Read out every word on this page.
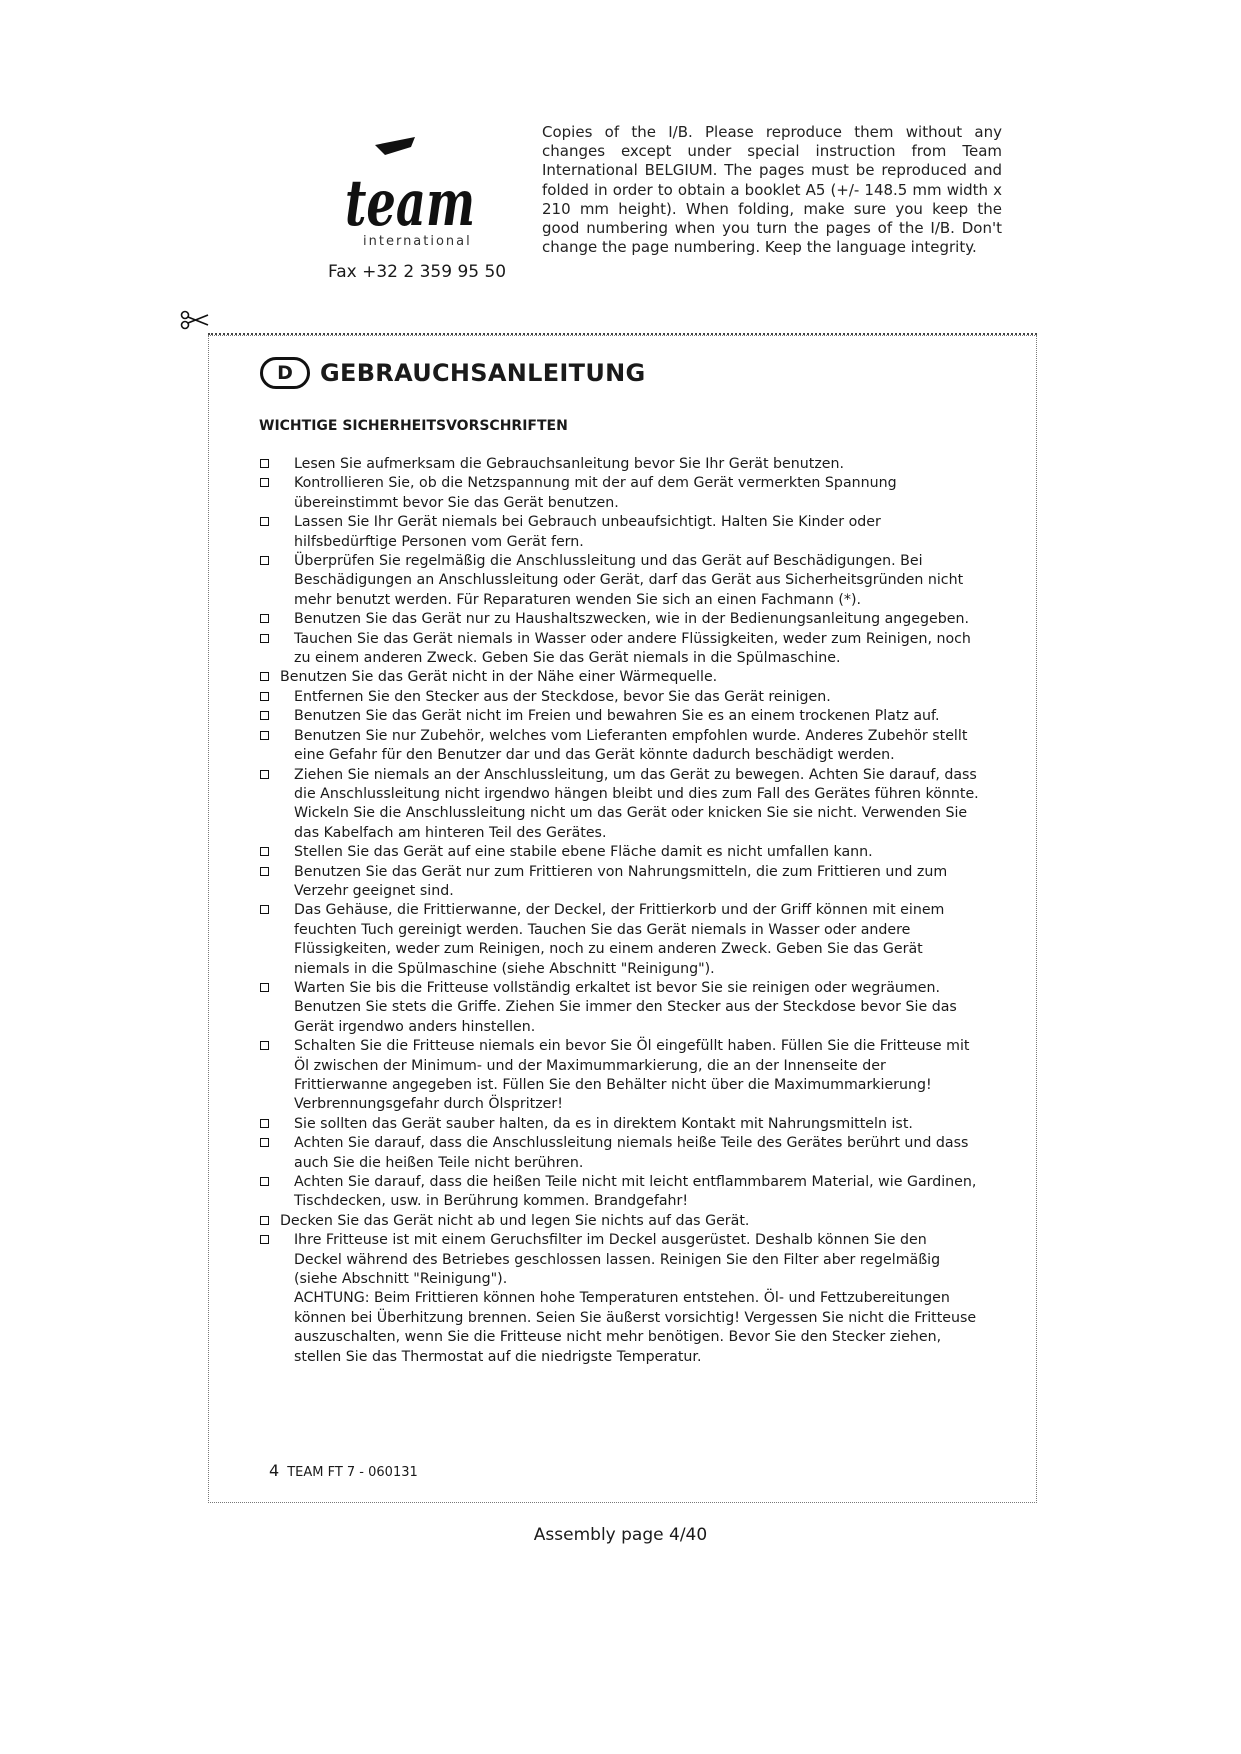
team
international
Fax +32 2 359 95 50
Copies of the I/B. Please reproduce them without any changes except under special instruction from Team International BELGIUM. The pages must be reproduced and folded in order to obtain a booklet A5 (+/- 148.5 mm width x 210 mm height). When folding, make sure you keep the good numbering when you turn the pages of the I/B. Don't change the page numbering. Keep the language integrity.
D	GEBRAUCHSANLEITUNG
WICHTIGE SICHERHEITSVORSCHRIFTEN
Lesen Sie aufmerksam die Gebrauchsanleitung bevor Sie Ihr Gerät benutzen.
Kontrollieren Sie, ob die Netzspannung mit der auf dem Gerät vermerkten Spannung übereinstimmt bevor Sie das Gerät benutzen.
Lassen Sie Ihr Gerät niemals bei Gebrauch unbeaufsichtigt. Halten Sie Kinder oder hilfsbedürftige Personen vom Gerät fern.
Überprüfen Sie regelmäßig die Anschlussleitung und das Gerät auf Beschädigungen. Bei Beschädigungen an Anschlussleitung oder Gerät, darf das Gerät aus Sicherheitsgründen nicht mehr benutzt werden. Für Reparaturen wenden Sie sich an einen Fachmann (*).
Benutzen Sie das Gerät nur zu Haushaltszwecken, wie in der Bedienungsanleitung angegeben.
Tauchen Sie das Gerät niemals in Wasser oder andere Flüssigkeiten, weder zum Reinigen, noch zu einem anderen Zweck. Geben Sie das Gerät niemals in die Spülmaschine.
Benutzen Sie das Gerät nicht in der Nähe einer Wärmequelle.
Entfernen Sie den Stecker aus der Steckdose, bevor Sie das Gerät reinigen.
Benutzen Sie das Gerät nicht im Freien und bewahren Sie es an einem trockenen Platz auf.
Benutzen Sie nur Zubehör, welches vom Lieferanten empfohlen wurde. Anderes Zubehör stellt eine Gefahr für den Benutzer dar und das Gerät könnte dadurch beschädigt werden.
Ziehen Sie niemals an der Anschlussleitung, um das Gerät zu bewegen. Achten Sie darauf, dass die Anschlussleitung nicht irgendwo hängen bleibt und dies zum Fall des Gerätes führen könnte. Wickeln Sie die Anschlussleitung nicht um das Gerät oder knicken Sie sie nicht. Verwenden Sie das Kabelfach am hinteren Teil des Gerätes.
Stellen Sie das Gerät auf eine stabile ebene Fläche damit es nicht umfallen kann.
Benutzen Sie das Gerät nur zum Frittieren von Nahrungsmitteln, die zum Frittieren und zum Verzehr geeignet sind.
Das Gehäuse, die Frittierwanne, der Deckel, der Frittierkorb und der Griff können mit einem feuchten Tuch gereinigt werden. Tauchen Sie das Gerät niemals in Wasser oder andere Flüssigkeiten, weder zum Reinigen, noch zu einem anderen Zweck. Geben Sie das Gerät niemals in die Spülmaschine (siehe Abschnitt "Reinigung").
Warten Sie bis die Fritteuse vollständig erkaltet ist bevor Sie sie reinigen oder wegräumen. Benutzen Sie stets die Griffe. Ziehen Sie immer den Stecker aus der Steckdose bevor Sie das Gerät irgendwo anders hinstellen.
Schalten Sie die Fritteuse niemals ein bevor Sie Öl eingefüllt haben. Füllen Sie die Fritteuse mit Öl zwischen der Minimum- und der Maximummarkierung, die an der Innenseite der Frittierwanne angegeben ist. Füllen Sie den Behälter nicht über die Maximummarkierung! Verbrennungsgefahr durch Ölspritzer!
Sie sollten das Gerät sauber halten, da es in direktem Kontakt mit Nahrungsmitteln ist.
Achten Sie darauf, dass die Anschlussleitung niemals heiße Teile des Gerätes berührt und dass auch Sie die heißen Teile nicht berühren.
Achten Sie darauf, dass die heißen Teile nicht mit leicht entflammbarem Material, wie Gardinen, Tischdecken, usw. in Berührung kommen. Brandgefahr!
Decken Sie das Gerät nicht ab und legen Sie nichts auf das Gerät.
Ihre Fritteuse ist mit einem Geruchsfilter im Deckel ausgerüstet. Deshalb können Sie den Deckel während des Betriebes geschlossen lassen. Reinigen Sie den Filter aber regelmäßig (siehe Abschnitt "Reinigung").
ACHTUNG: Beim Frittieren können hohe Temperaturen entstehen. Öl- und Fettzubereitungen können bei Überhitzung brennen. Seien Sie äußerst vorsichtig! Vergessen Sie nicht die Fritteuse auszuschalten, wenn Sie die Fritteuse nicht mehr benötigen. Bevor Sie den Stecker ziehen, stellen Sie das Thermostat auf die niedrigste Temperatur.
4 TEAM FT 7 - 060131
Assembly page 4/40
